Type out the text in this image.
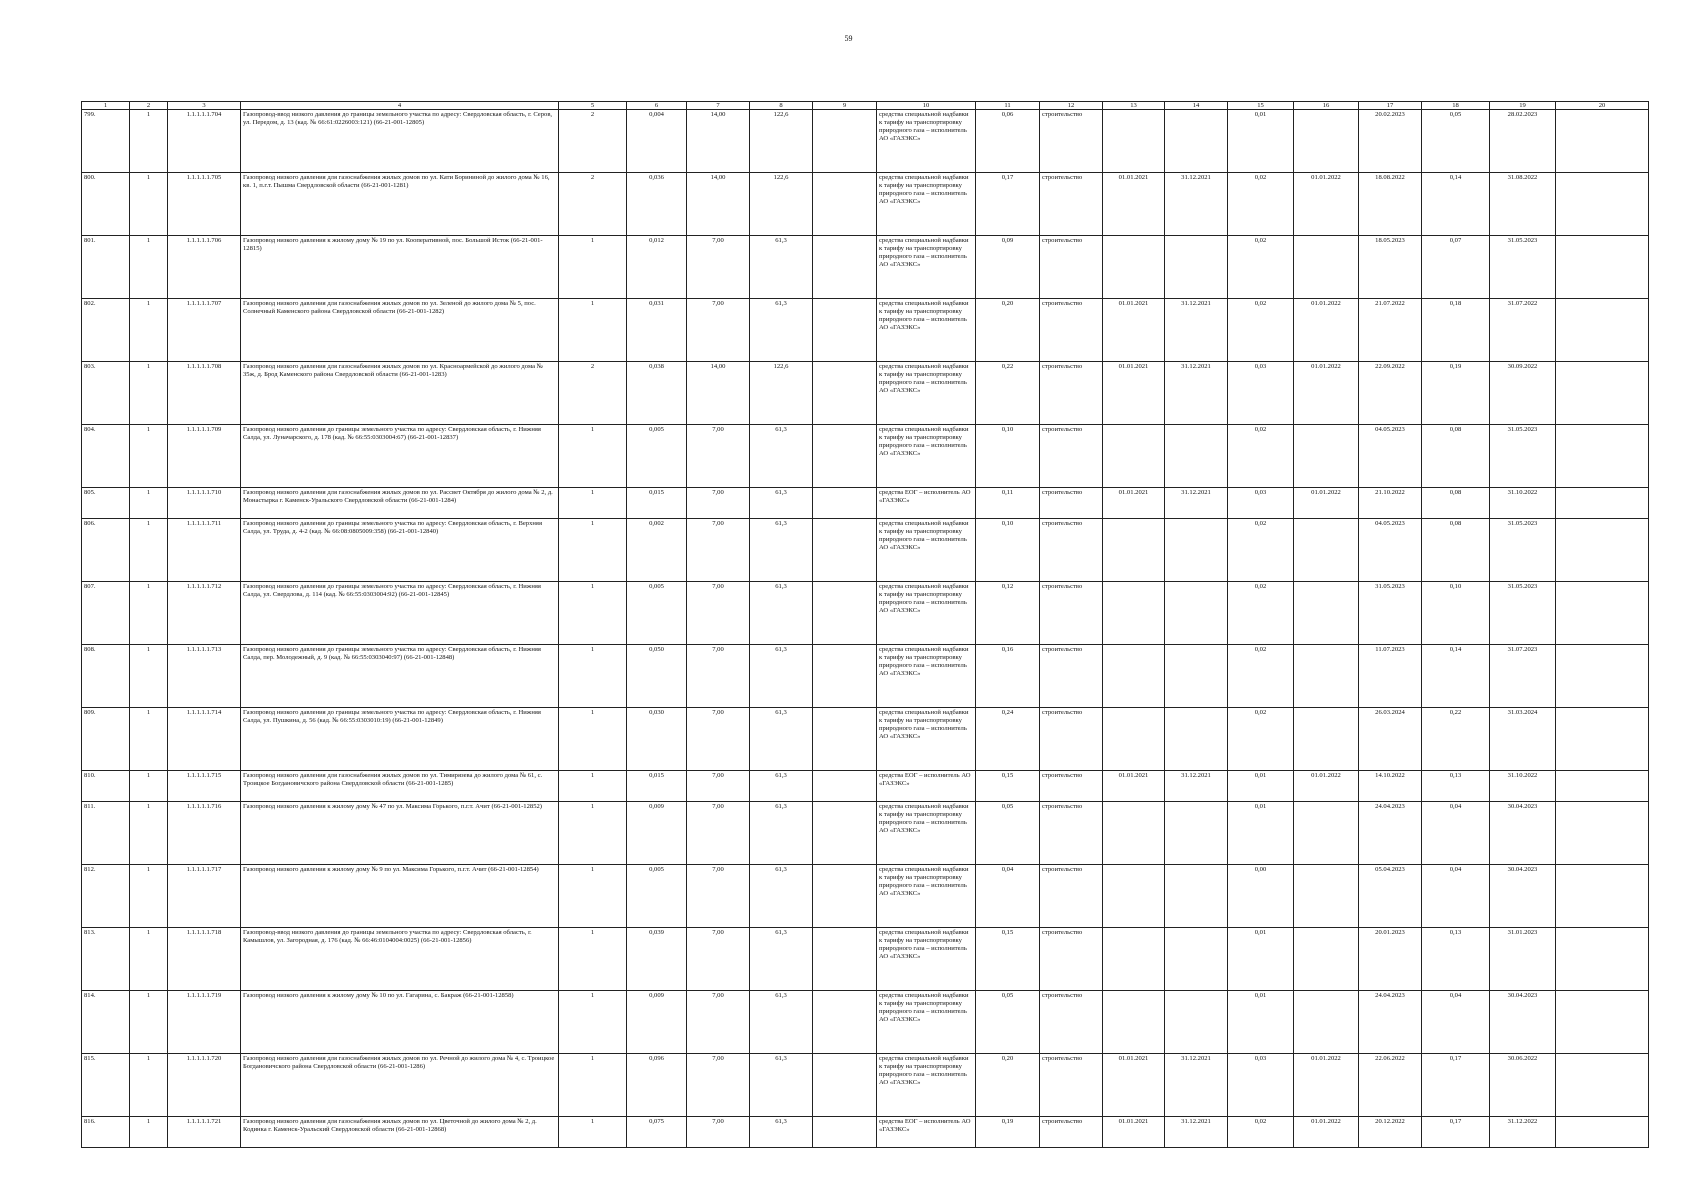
59
1	2	3	4	5	6	7	8	9	10	11	12	13	14	15	16	17	18	19	20
799.	1	1.1.1.1.1.704	Газопровод-ввод низкого давления до границы земельного участка по адресу: Свердловская область, г. Серов, ул. Передом, д. 13 (кад. № 66:61:0226003:121) (66-21-001-12805)	2	0,004	14,00	122,6		средства специальной надбавки к тарифу на транспортировку природного газа – исполнитель АО «ГАЗЭКС»	0,06	строительство			0,01		20.02.2023	0,05	28.02.2023	
800.	1	1.1.1.1.1.705	Газопровод низкого давления для газоснабжения жилых домов по ул. Кати Борининой до жилого дома № 16, кв. 1, п.г.т. Пышма Свердловской области (66-21-001-1281)	2	0,036	14,00	122,6		средства специальной надбавки к тарифу на транспортировку природного газа – исполнитель АО «ГАЗЭКС»	0,17	строительство	01.01.2021	31.12.2021	0,02	01.01.2022	18.08.2022	0,14	31.08.2022	
801.	1	1.1.1.1.1.706	Газопровод низкого давления к жилому дому № 19 по ул. Кооперативной, пос. Большой Исток (66-21-001-12815)	1	0,012	7,00	61,3		средства специальной надбавки к тарифу на транспортировку природного газа – исполнитель АО «ГАЗЭКС»	0,09	строительство			0,02		18.05.2023	0,07	31.05.2023	
802.	1	1.1.1.1.1.707	Газопровод низкого давления для газоснабжения жилых домов по ул. Зеленой до жилого дома № 5, пос. Солнечный Каменского района Свердловской области (66-21-001-1282)	1	0,031	7,00	61,3		средства специальной надбавки к тарифу на транспортировку природного газа – исполнитель АО «ГАЗЭКС»	0,20	строительство	01.01.2021	31.12.2021	0,02	01.01.2022	21.07.2022	0,18	31.07.2022	
803.	1	1.1.1.1.1.708	Газопровод низкого давления для газоснабжения жилых домов по ул. Красноармейской до жилого дома № 35ж, д. Брод Каменского района Свердловской области (66-21-001-1283)	2	0,038	14,00	122,6		средства специальной надбавки к тарифу на транспортировку природного газа – исполнитель АО «ГАЗЭКС»	0,22	строительство	01.01.2021	31.12.2021	0,03	01.01.2022	22.09.2022	0,19	30.09.2022	
804.	1	1.1.1.1.1.709	Газопровод низкого давления до границы земельного участка по адресу: Свердловская область, г. Нижняя Салда, ул. Луначарского, д. 178 (кад. № 66:55:0303004:67) (66-21-001-12837)	1	0,005	7,00	61,3		средства специальной надбавки к тарифу на транспортировку природного газа – исполнитель АО «ГАЗЭКС»	0,10	строительство			0,02		04.05.2023	0,08	31.05.2023	
805.	1	1.1.1.1.1.710	Газопровод низкого давления для газоснабжения жилых домов по ул. Рассвет Октября до жилого дома № 2, д. Монастырка г. Каменск-Уральского Свердловской области (66-21-001-1284)	1	0,015	7,00	61,3		средства ЕОГ – исполнитель АО «ГАЗЭКС»	0,11	строительство	01.01.2021	31.12.2021	0,03	01.01.2022	21.10.2022	0,08	31.10.2022	
806.	1	1.1.1.1.1.711	Газопровод низкого давления до границы земельного участка по адресу: Свердловская область, г. Верхняя Салда, ул. Труда, д. 4-2 (кад. № 66:08:0805009:358) (66-21-001-12840)	1	0,002	7,00	61,3		средства специальной надбавки к тарифу на транспортировку природного газа – исполнитель АО «ГАЗЭКС»	0,10	строительство			0,02		04.05.2023	0,08	31.05.2023	
807.	1	1.1.1.1.1.712	Газопровод низкого давления до границы земельного участка по адресу: Свердловская область, г. Нижняя Салда, ул. Свердлова, д. 114 (кад. № 66:55:0303004:92) (66-21-001-12845)	1	0,005	7,00	61,3		средства специальной надбавки к тарифу на транспортировку природного газа – исполнитель АО «ГАЗЭКС»	0,12	строительство			0,02		31.05.2023	0,10	31.05.2023	
808.	1	1.1.1.1.1.713	Газопровод низкого давления до границы земельного участка по адресу: Свердловская область, г. Нижняя Салда, пер. Молодежный, д. 9 (кад. № 66:55:0303040:97) (66-21-001-12848)	1	0,050	7,00	61,3		средства специальной надбавки к тарифу на транспортировку природного газа – исполнитель АО «ГАЗЭКС»	0,16	строительство			0,02		11.07.2023	0,14	31.07.2023	
809.	1	1.1.1.1.1.714	Газопровод низкого давления до границы земельного участка по адресу: Свердловская область, г. Нижняя Салда, ул. Пушкина, д. 56 (кад. № 66:55:0303010:19) (66-21-001-12849)	1	0,030	7,00	61,3		средства специальной надбавки к тарифу на транспортировку природного газа – исполнитель АО «ГАЗЭКС»	0,24	строительство			0,02		26.03.2024	0,22	31.03.2024	
810.	1	1.1.1.1.1.715	Газопровод низкого давления для газоснабжения жилых домов по ул. Тимирязева до жилого дома № 61, с. Троицкое Богдановичского района Свердловской области (66-21-001-1285)	1	0,015	7,00	61,3		средства ЕОГ – исполнитель АО «ГАЗЭКС»	0,15	строительство	01.01.2021	31.12.2021	0,01	01.01.2022	14.10.2022	0,13	31.10.2022	
811.	1	1.1.1.1.1.716	Газопровод низкого давления к жилому дому № 47 по ул. Максима Горького, п.г.т. Ачит (66-21-001-12852)	1	0,009	7,00	61,3		средства специальной надбавки к тарифу на транспортировку природного газа – исполнитель АО «ГАЗЭКС»	0,05	строительство			0,01		24.04.2023	0,04	30.04.2023	
812.	1	1.1.1.1.1.717	Газопровод низкого давления к жилому дому № 9 по ул. Максима Горького, п.г.т. Ачит (66-21-001-12854)	1	0,005	7,00	61,3		средства специальной надбавки к тарифу на транспортировку природного газа – исполнитель АО «ГАЗЭКС»	0,04	строительство			0,00		05.04.2023	0,04	30.04.2023	
813.	1	1.1.1.1.1.718	Газопровод-ввод низкого давления до границы земельного участка по адресу: Свердловская область, г. Камышлов, ул. Загородная, д. 176 (кад. № 66:46:0104004:0025) (66-21-001-12856)	1	0,039	7,00	61,3		средства специальной надбавки к тарифу на транспортировку природного газа – исполнитель АО «ГАЗЭКС»	0,15	строительство			0,01		20.01.2023	0,13	31.01.2023	
814.	1	1.1.1.1.1.719	Газопровод низкого давления к жилому дому № 10 по ул. Гагарина, с. Бакраж (66-21-001-12858)	1	0,009	7,00	61,3		средства специальной надбавки к тарифу на транспортировку природного газа – исполнитель АО «ГАЗЭКС»	0,05	строительство			0,01		24.04.2023	0,04	30.04.2023	
815.	1	1.1.1.1.1.720	Газопровод низкого давления для газоснабжения жилых домов по ул. Речной до жилого дома № 4, с. Троицкое Богдановичского района Свердловской области (66-21-001-1286)	1	0,096	7,00	61,3		средства специальной надбавки к тарифу на транспортировку природного газа – исполнитель АО «ГАЗЭКС»	0,20	строительство	01.01.2021	31.12.2021	0,03	01.01.2022	22.06.2022	0,17	30.06.2022	
816.	1	1.1.1.1.1.721	Газопровод низкого давления для газоснабжения жилых домов по ул. Цветочной до жилого дома № 2, д. Кодинка г. Каменск-Уральский Свердловской области (66-21-001-12868)	1	0,075	7,00	61,3		средства ЕОГ – исполнитель АО «ГАЗЭКС»	0,19	строительство	01.01.2021	31.12.2021	0,02	01.01.2022	20.12.2022	0,17	31.12.2022	
